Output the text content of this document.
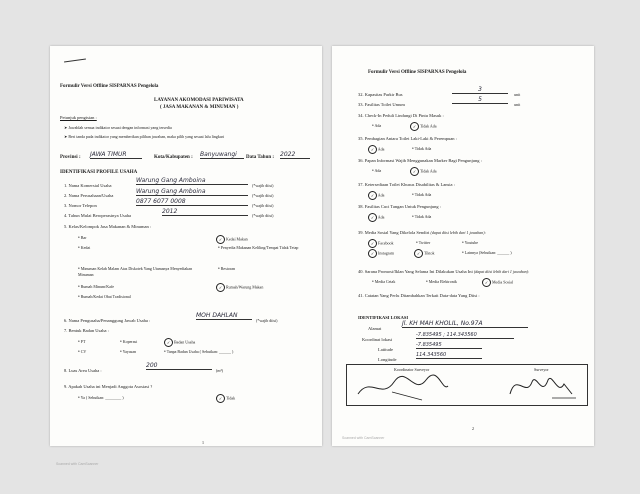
Formulir Versi Offline SISPARNAS Pengelola
LAYANAN AKOMODASI PARIWISATA
( JASA MAKANAN & MINUMAN )
Petunjuk pengisian :
➤ Jawablah semua indikator sesuai dengan informasi yang tersedia
➤ Beri tanda pada indikator yang memberikan pilihan jawaban, maka pilih yang sesuai lalu lingkari
Provinsi : JAWA TIMUR	Kota/Kabupaten : Banyuwangi	Data Tahun : 2022
IDENTIFIKASI PROFILE USAHA
1. Nama Komersial Usaha
Warung Gang Amboina
(*wajib diisi)
2. Nama Perusahaan/Usaha
Warung Gang Amboina
(*wajib diisi)
3. Nomor Telepon
0877 6077 0008
(*wajib diisi)
4. Tahun Mulai Beroperasinya Usaha
2012
(*wajib diisi)
5. Kelas/Kelompok Jasa Makanan & Minuman :
• Bar
• Kedai
• Minuman Kelab Malam Atas Diskotek Yang Utamanya Menyediakan Minuman
• Rumah Minum/Kafe
• Rumah/Kedai Obat Tradisional
✓ Kedai Makan
• Penyedia Makanan Keliling/Tempat Tidak Tetap
• Restoran
✓ Rumah/Warung Makan
6. Nama Pengusaha/Penanggung Jawab Usaha :
MOH DAHLAN
(*wajib diisi)
7. Bentuk Badan Usaha :
• PT	• Koperasi	✓ Badan Usaha
• CV	• Yayasan	• Tanpa Badan Usaha ( Sebutkan: ______ )
8. Luas Area Usaha :
200
(m²)
9. Apakah Usaha ini Menjadi Anggota Asosiasi ?
• Ya ( Sebutkan: ________ )	✓ Tidak
1
Formulir Versi Offline SISPARNAS Pengelola
32. Kapasitas Parkir Bus
3
unit
33. Fasilitas Toilet Umum
5
unit
34. Check-In Peduli Lindungi Di Pintu Masuk :
• Ada	✓ Tidak Ada
35. Pembagian Antara Toilet Laki-Laki & Perempuan :
✓ Ada	• Tidak Ada
36. Papan Informasi Wajib Menggunakan Marker Bagi Pengunjung :
• Ada	✓ Tidak Ada
37. Ketersediaan Toilet Khusus Disabilitas & Lansia :
✓ Ada	• Tidak Ada
38. Fasilitas Cuci Tangan Untuk Pengunjung :
✓ Ada	• Tidak Ada
39. Media Sosial Yang Dikelola Sendiri (dapat diisi lebih dari 1 jawaban):
✓ Facebook	• Twitter	• Youtube
✓ Instagram	✓ Tiktok	• Lainnya (Sebutkan: ______ )
40. Sarana Promosi/Iklan Yang Selama Ini Dilakukan Usaha Ini (dapat diisi lebih dari 1 jawaban):
• Media Cetak	• Media Elektronik	✓ Media Sosial
41. Catatan Yang Perlu Ditambahkan Terkait Data-data Yang Diisi :
IDENTIFIKASI LOKASI
Alamat
Jl. KH MAH KHOLIL, No.97A
Koordinat lokasi
-7.835495 ; 114.343560
Latitude
-7.835495
Longitude
114.343560
Koordinator Surveyor	Surveyor
2
Scanned with CamScanner
Scanned with CamScanner
